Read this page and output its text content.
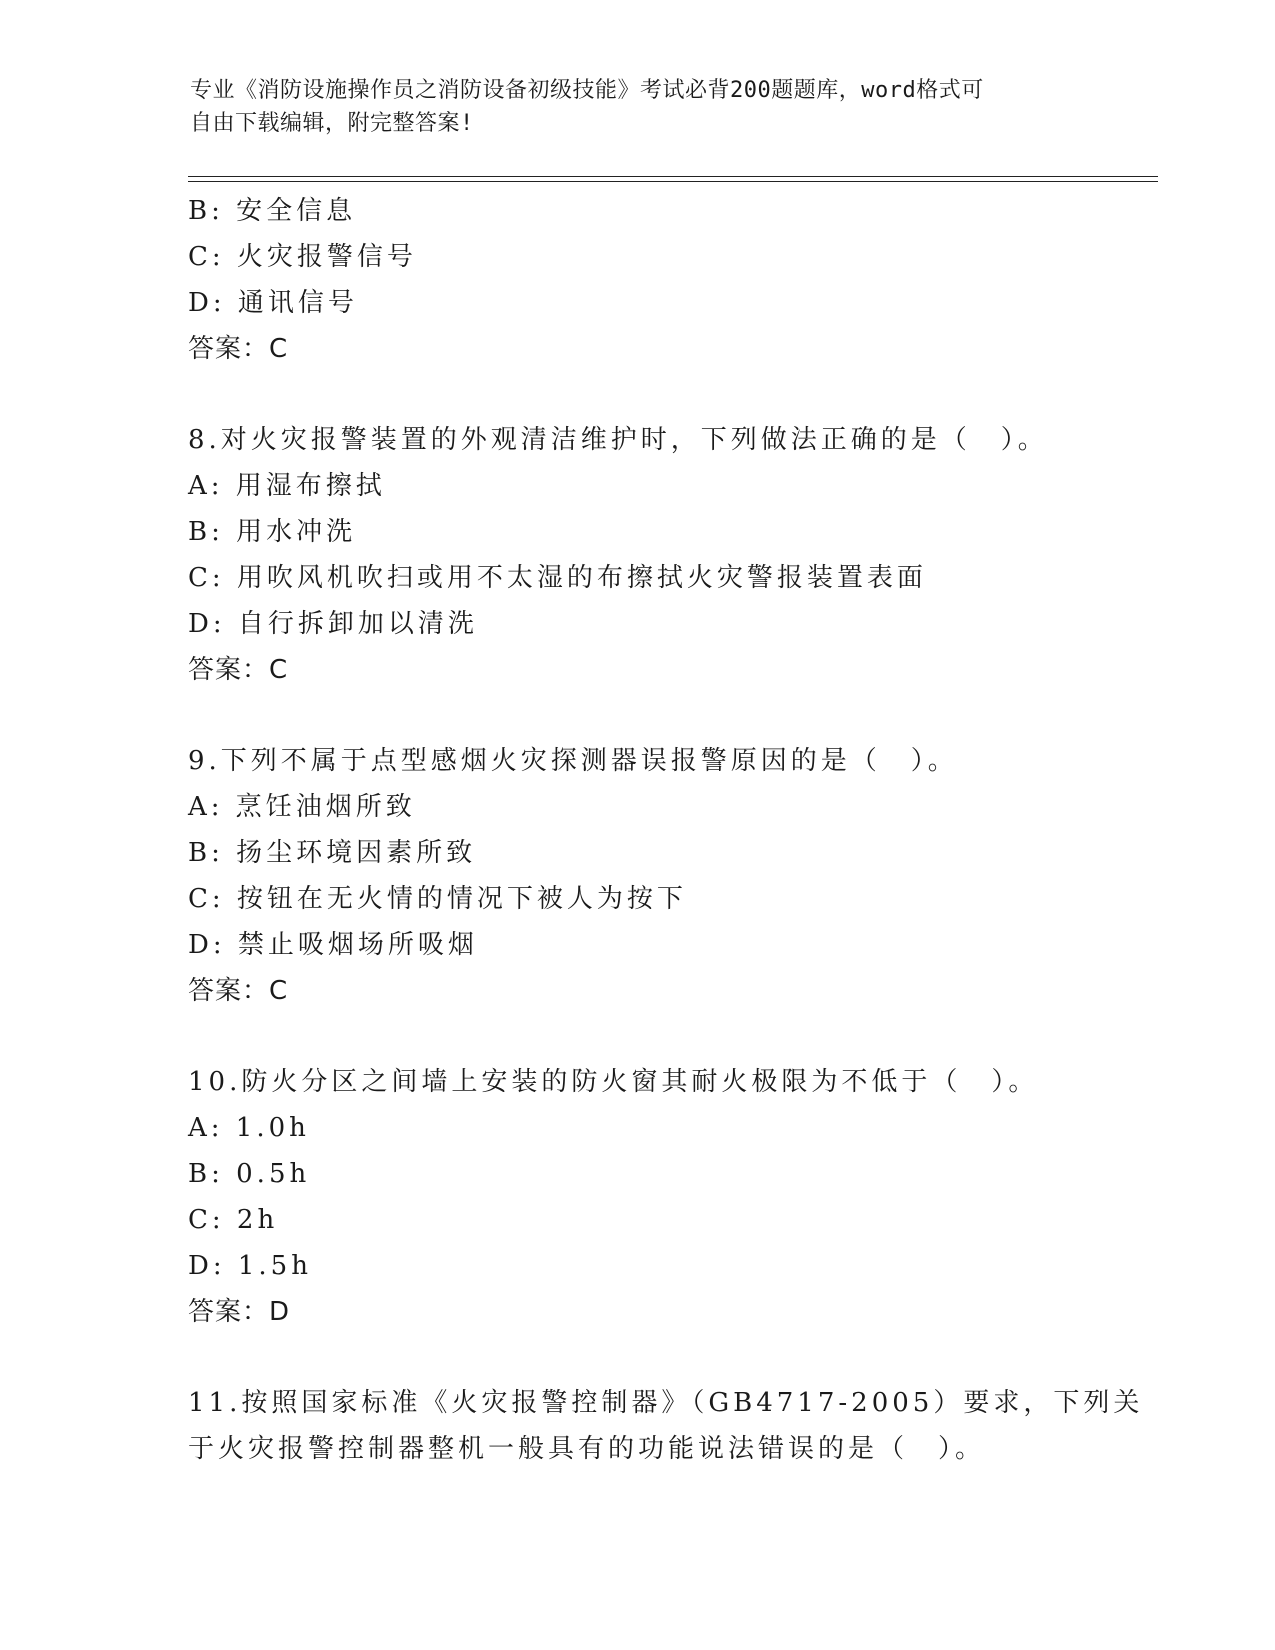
专业《消防设施操作员之消防设备初级技能》考试必背200题题库，word格式可
自由下载编辑，附完整答案!
B: 安全信息
C: 火灾报警信号
D: 通讯信号
答案：C
8.对火灾报警装置的外观清洁维护时，下列做法正确的是（　）。
A: 用湿布擦拭
B: 用水冲洗
C: 用吹风机吹扫或用不太湿的布擦拭火灾警报装置表面
D: 自行拆卸加以清洗
答案：C
9.下列不属于点型感烟火灾探测器误报警原因的是（　）。
A: 烹饪油烟所致
B: 扬尘环境因素所致
C: 按钮在无火情的情况下被人为按下
D: 禁止吸烟场所吸烟
答案：C
10.防火分区之间墙上安装的防火窗其耐火极限为不低于（　）。
A: 1.0h
B: 0.5h
C: 2h
D: 1.5h
答案：D
11.按照国家标准《火灾报警控制器》（GB4717-2005）要求，下列关
于火灾报警控制器整机一般具有的功能说法错误的是（　）。
